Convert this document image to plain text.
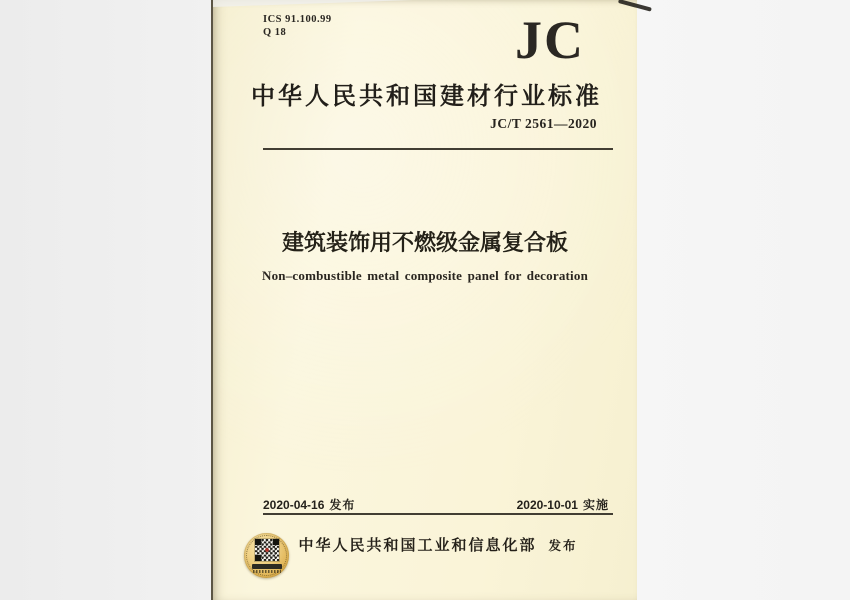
ICS 91.100.99
Q 18	JC
中华人民共和国建材行业标准
JC/T 2561—2020
建筑装饰用不燃级金属复合板
Non–combustible metal composite panel for decoration
2020-04-16 发布	2020-10-01 实施
中华人民共和国工业和信息化部 发布
